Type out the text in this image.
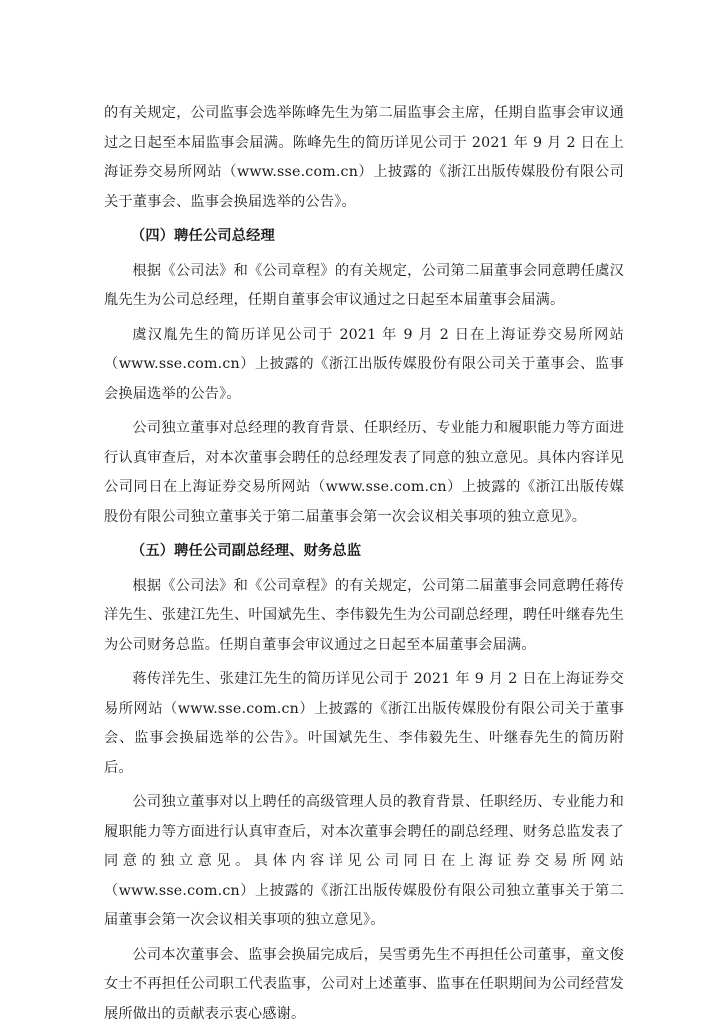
的有关规定，公司监事会选举陈峰先生为第二届监事会主席，任期自监事会审议通过之日起至本届监事会届满。陈峰先生的简历详见公司于 2021 年 9 月 2 日在上海证券交易所网站（www.sse.com.cn）上披露的《浙江出版传媒股份有限公司关于董事会、监事会换届选举的公告》。

（四）聘任公司总经理

根据《公司法》和《公司章程》的有关规定，公司第二届董事会同意聘任虞汉胤先生为公司总经理，任期自董事会审议通过之日起至本届董事会届满。

虞汉胤先生的简历详见公司于 2021 年 9 月 2 日在上海证券交易所网站（www.sse.com.cn）上披露的《浙江出版传媒股份有限公司关于董事会、监事会换届选举的公告》。

公司独立董事对总经理的教育背景、任职经历、专业能力和履职能力等方面进行认真审查后，对本次董事会聘任的总经理发表了同意的独立意见。具体内容详见公司同日在上海证券交易所网站（www.sse.com.cn）上披露的《浙江出版传媒股份有限公司独立董事关于第二届董事会第一次会议相关事项的独立意见》。

（五）聘任公司副总经理、财务总监

根据《公司法》和《公司章程》的有关规定，公司第二届董事会同意聘任蒋传洋先生、张建江先生、叶国斌先生、李伟毅先生为公司副总经理，聘任叶继春先生为公司财务总监。任期自董事会审议通过之日起至本届董事会届满。

蒋传洋先生、张建江先生的简历详见公司于 2021 年 9 月 2 日在上海证券交易所网站（www.sse.com.cn）上披露的《浙江出版传媒股份有限公司关于董事会、监事会换届选举的公告》。叶国斌先生、李伟毅先生、叶继春先生的简历附后。

公司独立董事对以上聘任的高级管理人员的教育背景、任职经历、专业能力和履职能力等方面进行认真审查后，对本次董事会聘任的副总经理、财务总监发表了同意的独立意见。具体内容详见公司同日在上海证券交易所网站（www.sse.com.cn）上披露的《浙江出版传媒股份有限公司独立董事关于第二届董事会第一次会议相关事项的独立意见》。

公司本次董事会、监事会换届完成后，吴雪勇先生不再担任公司董事，童文俊女士不再担任公司职工代表监事，公司对上述董事、监事在任职期间为公司经营发展所做出的贡献表示衷心感谢。
